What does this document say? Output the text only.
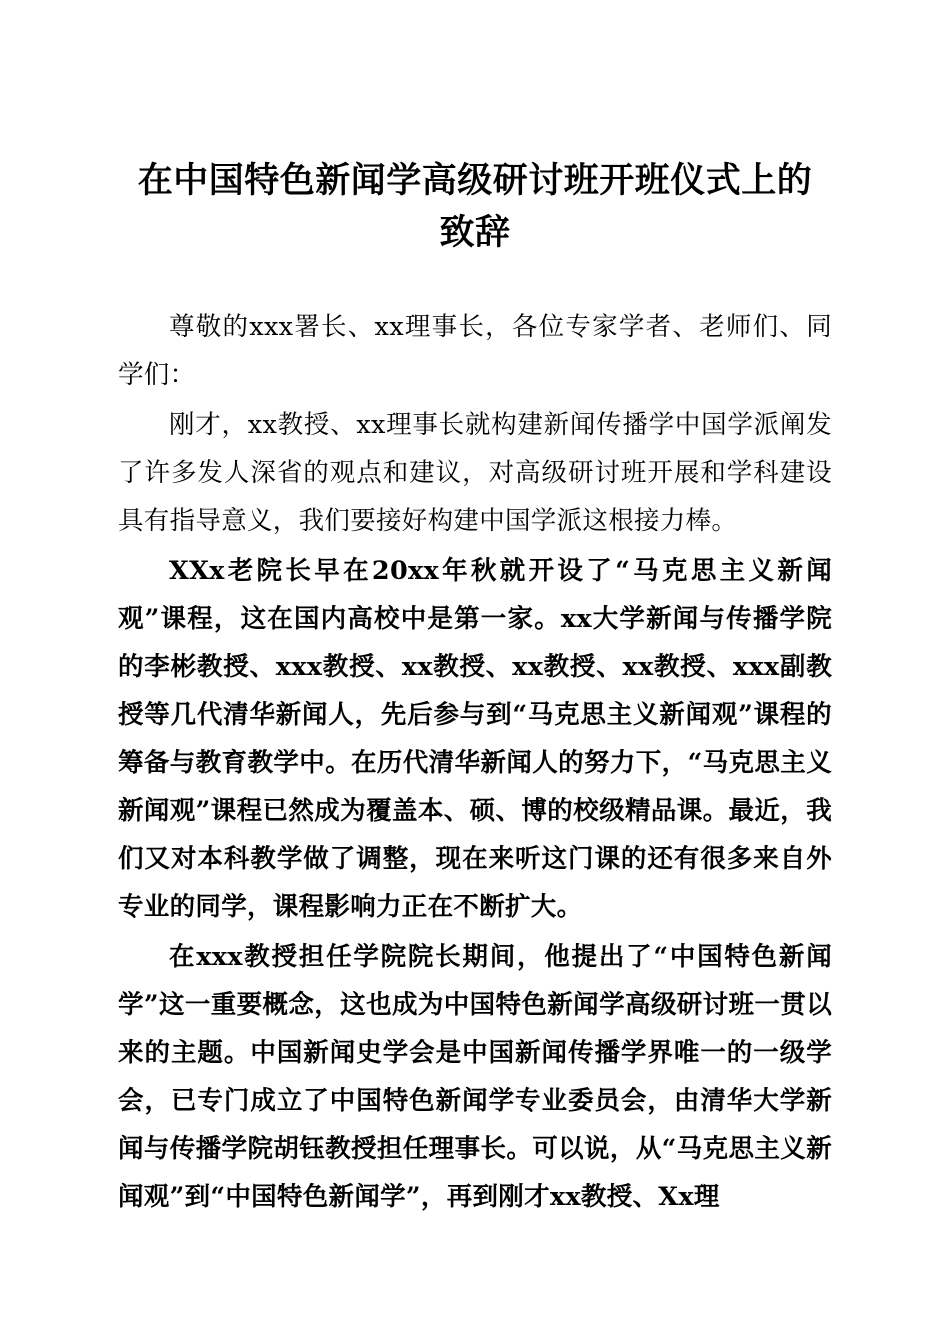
在中国特色新闻学高级研讨班开班仪式上的致辞

尊敬的xxx署长、xx理事长，各位专家学者、老师们、同学们：

刚才，xx教授、xx理事长就构建新闻传播学中国学派阐发了许多发人深省的观点和建议，对高级研讨班开展和学科建设具有指导意义，我们要接好构建中国学派这根接力棒。

XXx老院长早在20xx年秋就开设了“马克思主义新闻观”课程，这在国内高校中是第一家。xx大学新闻与传播学院的李彬教授、xxx教授、xx教授、xx教授、xx教授、xxx副教授等几代清华新闻人，先后参与到“马克思主义新闻观”课程的筹备与教育教学中。在历代清华新闻人的努力下，“马克思主义新闻观”课程已然成为覆盖本、硕、博的校级精品课。最近，我们又对本科教学做了调整，现在来听这门课的还有很多来自外专业的同学，课程影响力正在不断扩大。

在xxx教授担任学院院长期间，他提出了“中国特色新闻学”这一重要概念，这也成为中国特色新闻学高级研讨班一贯以来的主题。中国新闻史学会是中国新闻传播学界唯一的一级学会，已专门成立了中国特色新闻学专业委员会，由清华大学新闻与传播学院胡钰教授担任理事长。可以说，从“马克思主义新闻观”到“中国特色新闻学”，再到刚才xx教授、Xx理
